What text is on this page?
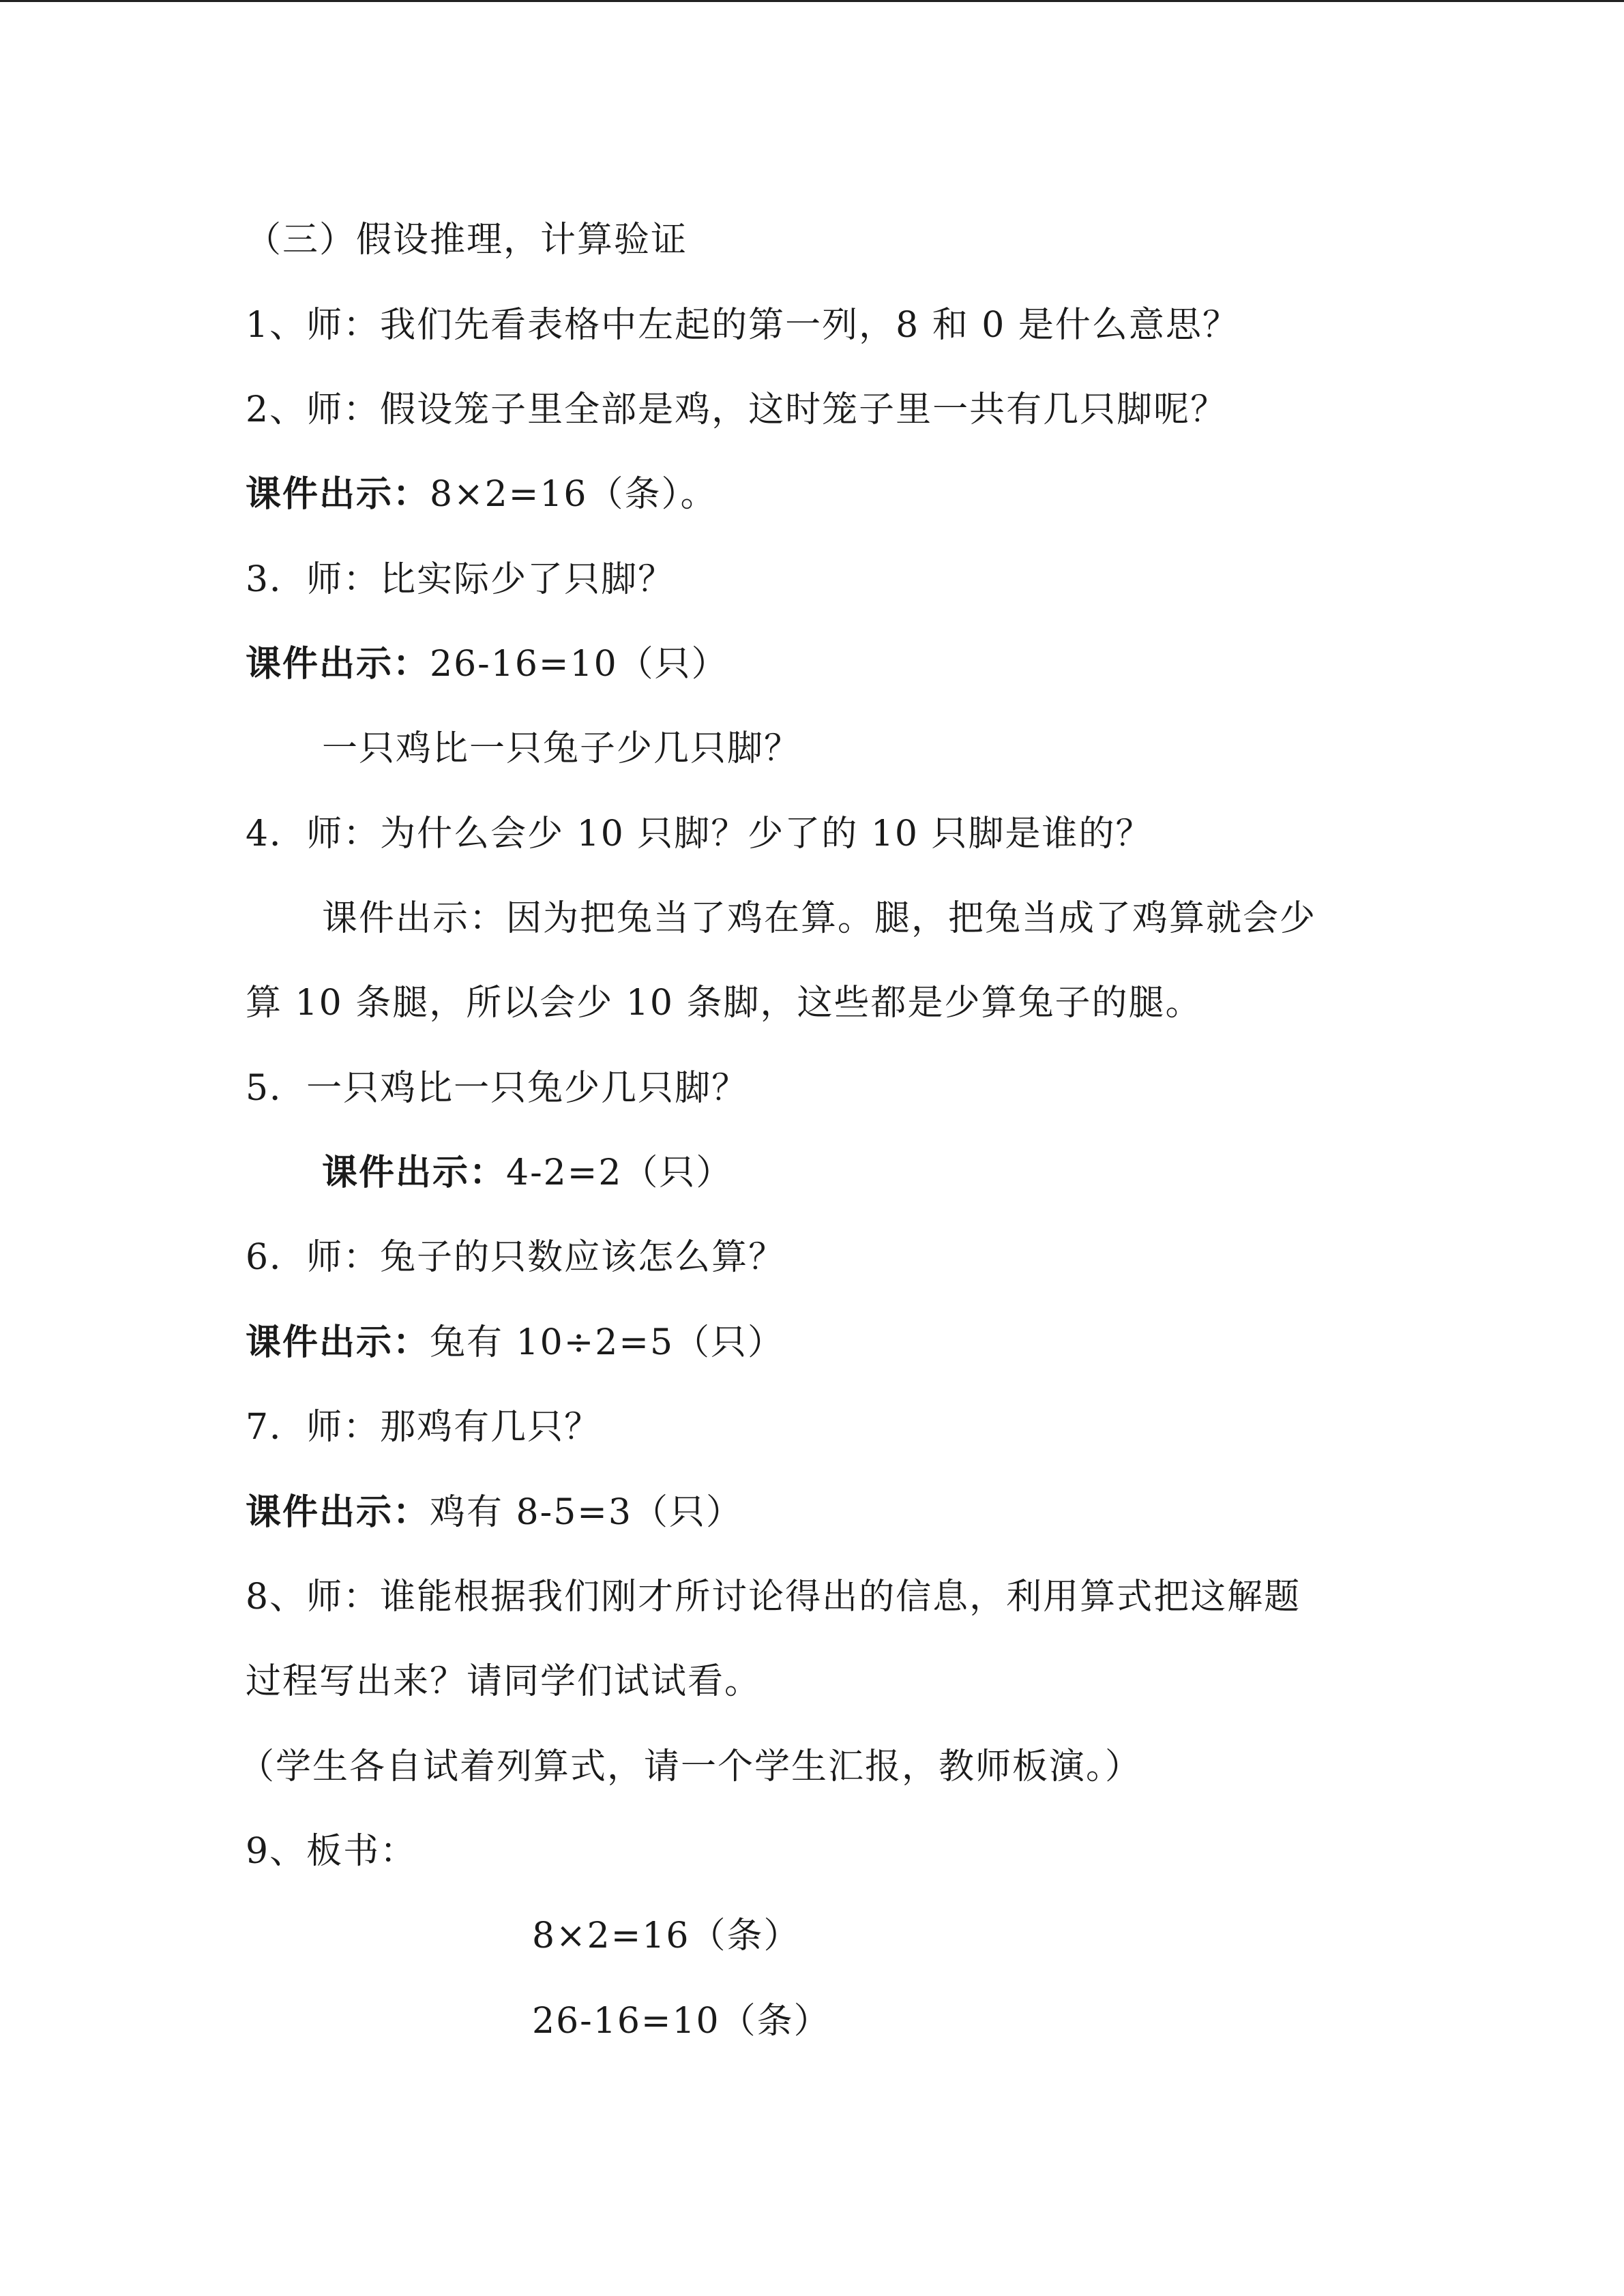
（三）假设推理，计算验证
1、师：我们先看表格中左起的第一列，8 和 0 是什么意思？
2、师：假设笼子里全部是鸡，这时笼子里一共有几只脚呢？
课件出示：8×2=16（条）。
3．师：比实际少了只脚？
课件出示：26-16=10（只）
一只鸡比一只兔子少几只脚？
4．师：为什么会少 10 只脚？少了的 10 只脚是谁的？
课件出示：因为把兔当了鸡在算。腿，把兔当成了鸡算就会少
算 10 条腿，所以会少 10 条脚，这些都是少算兔子的腿。
5．一只鸡比一只兔少几只脚？
课件出示：4-2=2（只）
6．师：兔子的只数应该怎么算？
课件出示：兔有 10÷2=5（只）
7．师：那鸡有几只？
课件出示：鸡有 8-5=3（只）
8、师：谁能根据我们刚才所讨论得出的信息，利用算式把这解题
过程写出来？请同学们试试看。
（学生各自试着列算式，请一个学生汇报，教师板演。）
9、板书：
8×2=16（条）
26-16=10（条）
